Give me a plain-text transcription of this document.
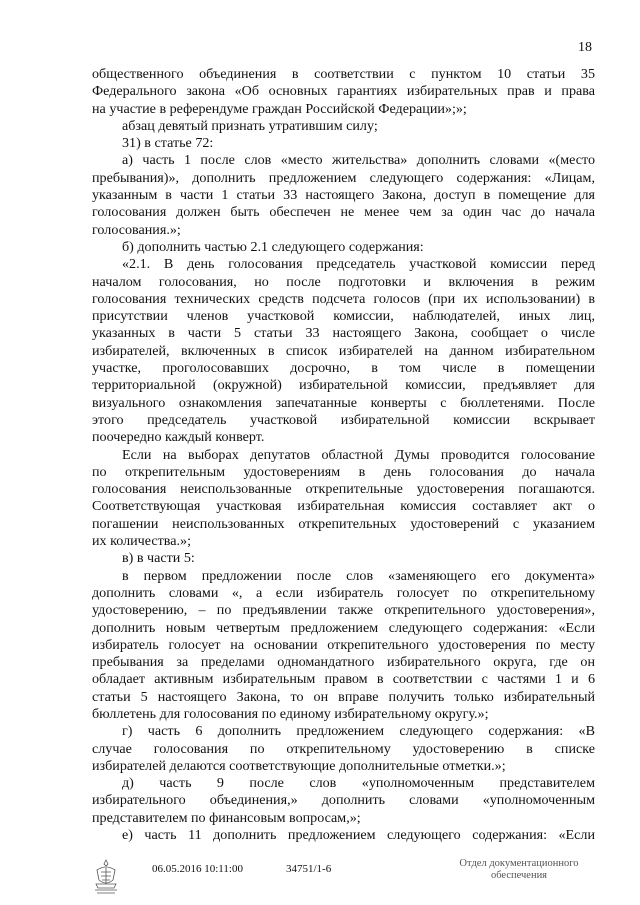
18
общественного объединения в соответствии с пунктом 10 статьи 35
Федерального закона «Об основных гарантиях избирательных прав и права
на участие в референдуме граждан Российской Федерации»;»;
абзац девятый признать утратившим силу;
31) в статье 72:
а) часть 1 после слов «место жительства» дополнить словами «(место
пребывания)», дополнить предложением следующего содержания: «Лицам,
указанным в части 1 статьи 33 настоящего Закона, доступ в помещение для
голосования должен быть обеспечен не менее чем за один час до начала
голосования.»;
б) дополнить частью 2.1 следующего содержания:
«2.1. В день голосования председатель участковой комиссии перед
началом голосования, но после подготовки и включения в режим
голосования технических средств подсчета голосов (при их использовании) в
присутствии членов участковой комиссии, наблюдателей, иных лиц,
указанных в части 5 статьи 33 настоящего Закона, сообщает о числе
избирателей, включенных в список избирателей на данном избирательном
участке, проголосовавших досрочно, в том числе в помещении
территориальной (окружной) избирательной комиссии, предъявляет для
визуального ознакомления запечатанные конверты с бюллетенями. После
этого председатель участковой избирательной комиссии вскрывает
поочередно каждый конверт.
Если на выборах депутатов областной Думы проводится голосование
по открепительным удостоверениям в день голосования до начала
голосования неиспользованные открепительные удостоверения погашаются.
Соответствующая участковая избирательная комиссия составляет акт о
погашении неиспользованных открепительных удостоверений с указанием
их количества.»;
в) в части 5:
в первом предложении после слов «заменяющего его документа»
дополнить словами «, а если избиратель голосует по открепительному
удостоверению, – по предъявлении также открепительного удостоверения»,
дополнить новым четвертым предложением следующего содержания: «Если
избиратель голосует на основании открепительного удостоверения по месту
пребывания за пределами одномандатного избирательного округа, где он
обладает активным избирательным правом в соответствии с частями 1 и 6
статьи 5 настоящего Закона, то он вправе получить только избирательный
бюллетень для голосования по единому избирательному округу.»;
г) часть 6 дополнить предложением следующего содержания: «В
случае голосования по открепительному удостоверению в списке
избирателей делаются соответствующие дополнительные отметки.»;
д) часть 9 после слов «уполномоченным представителем
избирательного объединения,» дополнить словами «уполномоченным
представителем по финансовым вопросам,»;
е) часть 11 дополнить предложением следующего содержания: «Если
06.05.2016 10:11:00	34751/1-6	Отдел документационного обеспечения
